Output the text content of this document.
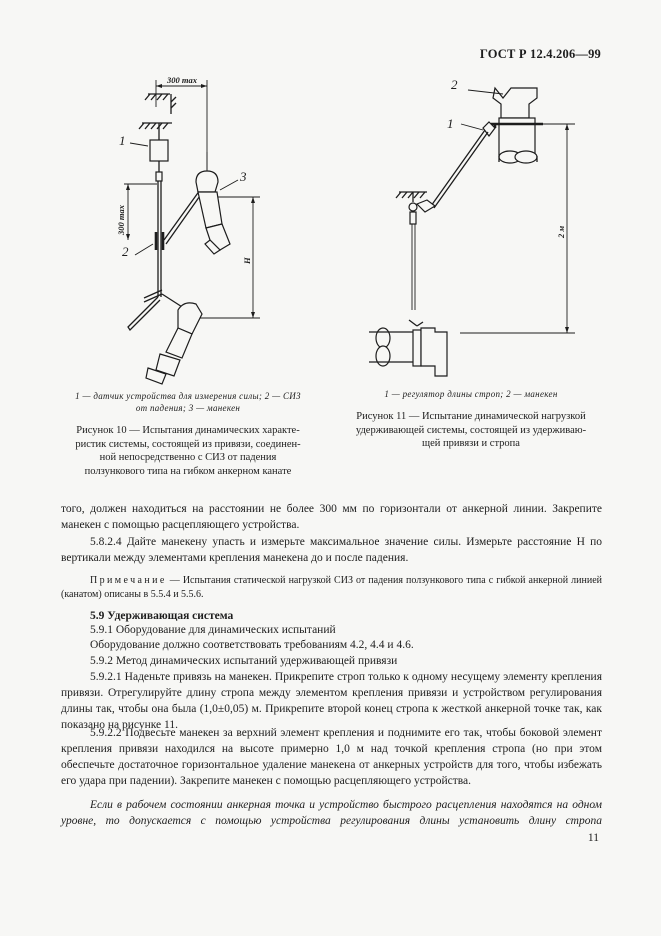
ГОСТ Р 12.4.206—99
300 max
1
300 max
2
3
H
1 — датчик устройства для измерения силы; 2 — СИЗ
от падения; 3 — манекен
Рисунок 10 — Испытания динамических характе-
ристик системы, состоящей из привязи, соединен-
ной непосредственно с СИЗ от падения
ползункового типа на гибком анкерном канате
2
1
2 м
1 — регулятор длины строп; 2 — манекен
Рисунок 11 — Испытание динамической нагрузкой
удерживающей системы, состоящей из удерживаю-
щей привязи и стропа
того, должен находиться на расстоянии не более 300 мм по горизонтали от анкерной линии. Закрепите манекен с помощью расцепляющего устройства.
5.8.2.4 Дайте манекену упасть и измерьте максимальное значение силы. Измерьте расстояние H по вертикали между элементами крепления манекена до и после падения.
Примечание — Испытания статической нагрузкой СИЗ от падения ползункового типа с гибкой анкерной линией (канатом) описаны в 5.5.4 и 5.5.6.
5.9 Удерживающая система
5.9.1 Оборудование для динамических испытаний
Оборудование должно соответствовать требованиям 4.2, 4.4 и 4.6.
5.9.2 Метод динамических испытаний удерживающей привязи
5.9.2.1 Наденьте привязь на манекен. Прикрепите строп только к одному несущему элементу крепления привязи. Отрегулируйте длину стропа между элементом крепления привязи и устройством регулирования длины так, чтобы она была (1,0±0,05) м. Прикрепите второй конец стропа к жесткой анкерной точке так, как показано на рисунке 11.
5.9.2.2 Подвесьте манекен за верхний элемент крепления и поднимите его так, чтобы боковой элемент крепления привязи находился на высоте примерно 1,0 м над точкой крепления стропа (но при этом обеспечьте достаточное горизонтальное удаление манекена от анкерных устройств для того, чтобы избежать его удара при падении). Закрепите манекен с помощью расцепляющего устройства.
Если в рабочем состоянии анкерная точка и устройство быстрого расцепления находятся на одном уровне, то допускается с помощью устройства регулирования длины установить длину стропа
11
